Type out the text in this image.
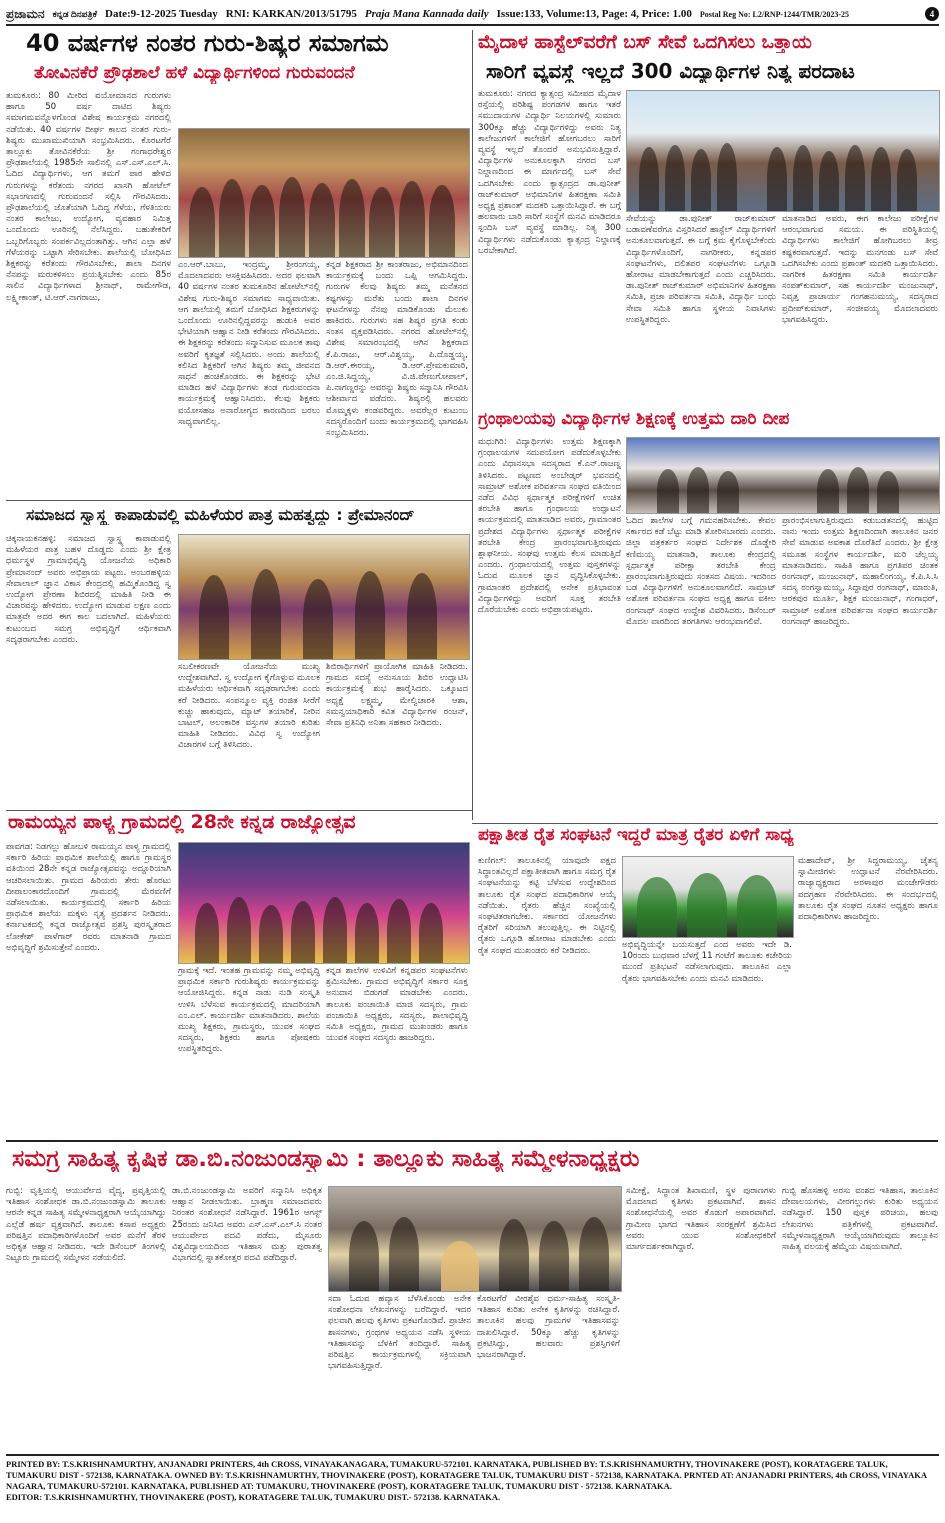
ಪ್ರಜಾಮನ ಕನ್ನಡ ದಿನಪತ್ರಿಕೆ Date:9-12-2025 Tuesday RNI: KARKAN/2013/51795 Praja Mana Kannada daily Issue:133, Volume:13, Page: 4, Price: 1.00 Postal Reg No: L2/RNP-1244/TMR/2023-25	4
40 ವರ್ಷಗಳ ನಂತರ ಗುರು-ಶಿಷ್ಯರ ಸಮಾಗಮ
ತೋವಿನಕೆರೆ ಪ್ರೌಢಶಾಲೆ ಹಳೆ ವಿದ್ಯಾರ್ಥಿಗಳಿಂದ ಗುರುವಂದನೆ
ತುಮಕೂರು: 80 ಮೀರಿದ ವಯೋಮಾನದ ಗುರುಗಳು ಹಾಗೂ 50 ವರ್ಷ ದಾಟಿದ ಶಿಷ್ಯರು ಸಮಾಗಮವನ್ನೊಳಗೊಂಡ ವಿಶೇಷ ಕಾರ್ಯಕ್ರಮ ನಗರದಲ್ಲಿ ನಡೆಯಿತು. 40 ವರ್ಷಗಳ ದೀರ್ಘ ಕಾಲದ ನಂತರ ಗುರು-ಶಿಷ್ಯರು ಮುಖಾಮುಖಿಯಾಗಿ ಸಂಭ್ರಮಿಸಿದರು. ಕೊರಟಗೆರೆ ತಾಲ್ಲೂಕು ತೋವಿನಕೆರೆಯ ಶ್ರೀ ಗಂಗಾಧರೇಶ್ವರ ಪ್ರೌಢಶಾಲೆಯಲ್ಲಿ 1985ನೇ ಸಾಲಿನಲ್ಲಿ ಎಸ್.ಎಸ್.ಎಲ್.ಸಿ. ಓದಿದ ವಿದ್ಯಾರ್ಥಿಗಳು, ಆಗ ತಮಗೆ ಪಾಠ ಹೇಳಿದ ಗುರುಗಳನ್ನು ಕರೆತಂದು ನಗರದ ಖಾಸಗಿ ಹೋಟೆಲ್ ಸಭಾಂಗಣದಲ್ಲಿ ಗುರುವಂದನೆ ಸಲ್ಲಿಸಿ ಗೌರವಿಸಿದರು. ಪ್ರೌಢಶಾಲೆಯಲ್ಲಿ ಜೊತೆಯಾಗಿ ಓದಿದ್ದ ಗೆಳೆಯ, ಗೆಳತಿಯರು ನಂತರ ಕಾಲೇಜು, ಉದ್ಯೋಗ, ವ್ಯವಹಾರ ನಿಮಿತ್ತ ಒಂದೊಂದು ಊರಿನಲ್ಲಿ ನೆಲೆಸಿದ್ದರು. ಬಹುತೇಕರಿಗೆ ಒಬ್ಬರಿಗೊಬ್ಬರು ಸಂಪರ್ಕವಿಲ್ಲದಂತಾಗಿತ್ತು. ಆಗಿನ ಎಲ್ಲಾ ಹಳೆ ಗೆಳೆಯರನ್ನು ಒಟ್ಟಾಗಿ ಸೇರಿಸಬೇಕು. ಶಾಲೆಯಲ್ಲಿ ಬೋಧಿಸಿದ ಶಿಕ್ಷಕರನ್ನು ಕರೆತಂದು ಗೌರವಿಸಬೇಕು, ಶಾಲಾ ದಿನಗಳ ನೆನಪನ್ನು ಮರುಕಳಿಸಲು ಪ್ರಯತ್ನಿಸಬೇಕು ಎಂದು 85ರ ಸಾಲಿನ ವಿದ್ಯಾರ್ಥಿಗಳಾದ ಶ್ರೀನಾಥ್, ರಾಮೇಗೌಡ, ಲಕ್ಷ್ಮೀಕಾಂತ್, ಟಿ.ಆರ್.ನಾಗರಾಜು,
ಎಂ.ಆರ್.ಬಾಬು, ಇಂದ್ರಮ್ಮ, ಶ್ರೀರಂಗಯ್ಯ, ಮೊದಲಾದವರು ಆಸಕ್ತಿವಹಿಸಿದರು. ಅದರ ಫಲವಾಗಿ 40 ವರ್ಷಗಳ ನಂತರ ತುಮಕೂರಿನ ಹೋಟೆಲ್‌ನಲ್ಲಿ ವಿಶೇಷ ಗುರು-ಶಿಷ್ಯರ ಸಮಾಗಮ ಸಾಧ್ಯವಾಯಿತು. ಆಗ ಶಾಲೆಯಲ್ಲಿ ತಮಗೆ ಬೋಧಿಸಿದ ಶಿಕ್ಷಕರುಗಳನ್ನು ಒಂದೊಂದು ಊರಿನಲ್ಲಿದ್ದವರನ್ನು ಹುಡುಕಿ ಅವರ ಭೇಟಿಯಾಗಿ ಆಹ್ವಾನ ನೀಡಿ ಕರೆತಂದು ಗೌರವಿಸಿದರು. ಈ ಶಿಕ್ಷಕರನ್ನು ಕರೆತಂದು ಸನ್ಮಾನಿಸುವ ಮೂಲಕ ತಾವು ಅವರಿಗೆ ಕೃತಜ್ಞತೆ ಸಲ್ಲಿಸಿದರು. ಅಂದು ಶಾಲೆಯಲ್ಲಿ ಕಲಿಸಿದ ಶಿಕ್ಷಕರಿಗೆ ಆಗಿನ ಶಿಷ್ಯರು ತಮ್ಮ ಜೀವನದ ಸಾಧನೆ ಹಂಚಿಕೊಂಡರು. ಈ ಶಿಕ್ಷಕರನ್ನು ಭೇಟಿ ಮಾಡಿದ ಹಳೆ ವಿದ್ಯಾರ್ಥಿಗಳು ತಂಡ ಗುರುವಂದನಾ ಕಾರ್ಯಕ್ರಮಕ್ಕೆ ಆಹ್ವಾನಿಸಿದರು. ಕೆಲವು ಶಿಕ್ಷಕರು ವಯೋಸಹಜ ಅನಾರೋಗ್ಯದ ಕಾರಣದಿಂದ ಬರಲು ಸಾಧ್ಯವಾಗಲಿಲ್ಲ.
ಕನ್ನಡ ಶಿಕ್ಷಕರಾದ ಶ್ರೀ ಕಾಂತರಾಜು, ಅಭಿಮಾನದಿಂದ ಕಾರ್ಯಕ್ರಮಕ್ಕೆ ಬಂದು ಒಪ್ಪಿ ಆಗಮಿಸಿದ್ದರು. ಗುರುಗಳ ಕೆಲವು ಶಿಷ್ಯರು ತಮ್ಮ ಮನೆತನದ ಕಷ್ಟಗಳನ್ನು ಮರೆತು ಬಂದು ಶಾಲಾ ದಿನಗಳ ಘಟನೆಗಳನ್ನು ನೆನಪು ಮಾಡಿಕೊಂಡು ಮೆಲುಕು ಹಾಕಿದರು. ಗುರುಗಳು ಸಹ ಶಿಷ್ಯರ ಪ್ರಗತಿ ಕಂಡು ಸಂತಸ ವ್ಯಕ್ತಪಡಿಸಿದರು. ನಗರದ ಹೋಟೆಲ್‌ನಲ್ಲಿ ವಿಶೇಷ ಸಮಾರಂಭದಲ್ಲಿ ಆಗಿನ ಶಿಕ್ಷಕರಾದ ಕೆ.ಪಿ.ರಾಜು, ಆರ್.ವಿಶ್ವಯ್ಯ, ಪಿ.ದೊಡ್ಡಯ್ಯ, ಡಿ.ಆರ್.ಈರಯ್ಯ, ಡಿ.ಆರ್.ಪ್ರೇಮಕುಮಾರಿ, ಎಂ.ಜಿ.ಸಿದ್ದಯ್ಯ, ವಿ.ಜಿ.ವೇಣುಗೋಪಾಲ್, ಪಿ.ನಾಗಣ್ಣರನ್ನು ಅವರನ್ನು ಶಿಷ್ಯರು ಸನ್ಮಾನಿಸಿ ಗೌರವಿಸಿ ಆಶೀರ್ವಾದ ಪಡೆದರು. ಶಿಷ್ಯರಲ್ಲಿ ಹಲವರು ಮೊಮ್ಮಕ್ಕಳು ಕಂಡವರಿದ್ದರು. ಅವರೆಲ್ಲರ ಕುಟುಂಬ ಸದಸ್ಯರೊಂದಿಗೆ ಬಂದು ಕಾರ್ಯಕ್ರಮದಲ್ಲಿ ಭಾಗವಹಿಸಿ ಸಂಭ್ರಮಿಸಿದರು.
ಮೈದಾಳ ಹಾಸ್ಟೆಲ್‌ವರೆಗೆ ಬಸ್ ಸೇವೆ ಒದಗಿಸಲು ಒತ್ತಾಯ
ಸಾರಿಗೆ ವ್ಯವಸ್ಥೆ ಇಲ್ಲದೆ 300 ವಿದ್ಯಾರ್ಥಿಗಳ ನಿತ್ಯ ಪರದಾಟ
ತುಮಕೂರು: ನಗರದ ಕ್ಯಾತ್ಸಂದ್ರ ಸಮೀಪದ ಮೈದಾಳ ರಸ್ತೆಯಲ್ಲಿ ಪರಿಶಿಷ್ಟ ಪಂಗಡಗಳ ಹಾಗೂ ಇತರೆ ಸಮುದಾಯಗಳ ವಿದ್ಯಾರ್ಥಿ ನಿಲಯಗಳಲ್ಲಿ ಸುಮಾರು 300ಕ್ಕೂ ಹೆಚ್ಚು ವಿದ್ಯಾರ್ಥಿಗಳಿದ್ದು ಅವರು ನಿತ್ಯ ಕಾಲೇಜುಗಳಿಗೆ ಕಾಲೇಜಿಗೆ ಹೋಗಬರಲು ಸಾರಿಗೆ ವ್ಯವಸ್ಥೆ ಇಲ್ಲದೆ ತೊಂದರೆ ಅನುಭವಿಸುತ್ತಿದ್ದಾರೆ. ವಿದ್ಯಾರ್ಥಿಗಳ ಅನುಕೂಲಕ್ಕಾಗಿ ನಗರದ ಬಸ್ ನಿಲ್ದಾಣದಿಂದ ಈ ಮಾರ್ಗದಲ್ಲಿ ಬಸ್ ಸೇವೆ ಒದಗಿಸಬೇಕು ಎಂದು ಕ್ಯಾತ್ಸಂದ್ರದ ಡಾ.ಪುನೀತ್ ರಾಜ್‌ಕುಮಾರ್ ಅಭಿಮಾನಿಗಳ ಹಿತರಕ್ಷಣಾ ಸಮಿತಿ ಅಧ್ಯಕ್ಷ ಪ್ರಶಾಂತ್ ಮದಕರಿ ಒತ್ತಾಯಿಸಿದ್ದಾರೆ. ಈ ಬಗ್ಗೆ ಹಲವಾರು ಬಾರಿ ಸಾರಿಗೆ ಸಂಸ್ಥೆಗೆ ಮನವಿ ಮಾಡಿದರೂ ಸ್ಪಂದಿಸಿ ಬಸ್ ವ್ಯವಸ್ಥೆ ಮಾಡಿಲ್ಲ. ನಿತ್ಯ 300 ವಿದ್ಯಾರ್ಥಿಗಳು ನಡೆದುಕೊಂಡು ಕ್ಯಾತ್ಸಂದ್ರ ನಿಲ್ದಾಣಕ್ಕೆ ಬರಬೇಕಾಗಿದೆ.
ಸೇವೆಯನ್ನು ಡಾ.ಪುನೀತ್ ರಾಜ್‌ಕುಮಾರ್ ಬಡಾವಣೆವರೆಗೂ ವಿಸ್ತರಿಸಿದರೆ ಹಾಸ್ಟೆಲ್ ವಿದ್ಯಾರ್ಥಿಗಳಿಗೆ ಅನುಕೂಲವಾಗುತ್ತದೆ. ಈ ಬಗ್ಗೆ ಕ್ರಮ ಕೈಗೊಳ್ಳಬೇಕೆಂದು ವಿದ್ಯಾರ್ಥಿಗಳೊಂದಿಗೆ, ನಾಗರೀಕರು, ಕನ್ನಡಪರ ಸಂಘಟನೆಗಳು, ದಲಿತಪರ ಸಂಘಟನೆಗಳು ಒಗ್ಗೂಡಿ ಹೋರಾಟ ಮಾಡಬೇಕಾಗುತ್ತದೆ ಎಂದು ಎಚ್ಚರಿಸಿದರು. ಡಾ.ಪುನೀತ್ ರಾಜ್‌ಕುಮಾರ್ ಅಭಿಮಾನಿಗಳ ಹಿತರಕ್ಷಣಾ ಸಮಿತಿ, ಪ್ರಜಾ ಪರಿವರ್ತನಾ ಸಮಿತಿ, ವಿದ್ಯಾರ್ಥಿ ಬಂಧು ಸೇವಾ ಸಮಿತಿ ಹಾಗೂ ಸ್ಥಳೀಯ ನಿವಾಸಿಗಳು ಉಪಸ್ಥಿತರಿದ್ದರು.
ಮಾತನಾಡಿದ ಅವರು, ಈಗ ಕಾಲೇಜು ಪರೀಕ್ಷೆಗಳ ಆರಂಭವಾಗುವ ಸಮಯ. ಈ ಪರಿಸ್ಥಿತಿಯಲ್ಲಿ ವಿದ್ಯಾರ್ಥಿಗಳು ಕಾಲೇಜಿಗೆ ಹೋಗಿಬರಲು ತೀವ್ರ ಕಷ್ಟಕರವಾಗುತ್ತದೆ. ಇದನ್ನು ಮನಗಂಡು ಬಸ್ ಸೇವೆ ಒದಗಿಸಬೇಕು ಎಂದು ಪ್ರಶಾಂತ್ ಮದಕರಿ ಒತ್ತಾಯಿಸಿದರು. ನಾಗರೀಕ ಹಿತರಕ್ಷಣಾ ಸಮಿತಿ ಕಾರ್ಯದರ್ಶಿ ಸಂಪತ್‌ಕುಮಾರ್, ಸಹ ಕಾರ್ಯದರ್ಶಿ ಮಂಜುನಾಥ್, ನಿವೃತ್ತ ಪ್ರಾಚಾರ್ಯ ಗಂಗಹನುಮಯ್ಯ, ಸದಸ್ಯರಾದ ಪ್ರದೀಪ್‌ಕುಮಾರ್, ಸಂಜೀವಯ್ಯ ಮೊದಲಾದವರು ಭಾಗವಹಿಸಿದ್ದರು.
ಗ್ರಂಥಾಲಯವು ವಿದ್ಯಾರ್ಥಿಗಳ ಶಿಕ್ಷಣಕ್ಕೆ ಉತ್ತಮ ದಾರಿ ದೀಪ
ಮಧುಗಿರಿ: ವಿದ್ಯಾರ್ಥಿಗಳು ಉತ್ತಮ ಶಿಕ್ಷಣಕ್ಕಾಗಿ ಗ್ರಂಥಾಲಯಗಳ ಸದುಪಯೋಗ ಪಡೆದುಕೊಳ್ಳಬೇಕು ಎಂದು ವಿಧಾನಸಭಾ ಸದಸ್ಯರಾದ ಕೆ.ಎನ್.ರಾಜಣ್ಣ ತಿಳಿಸಿದರು. ಪಟ್ಟಣದ ಅಂಬೇಡ್ಕರ್ ಭವನದಲ್ಲಿ ಸಾಮ್ರಾಟ್ ಅಶೋಕ ಪರಿವರ್ತನಾ ಸಂಘದ ವತಿಯಿಂದ ನಡೆದ ವಿವಿಧ ಸ್ಪರ್ಧಾತ್ಮಕ ಪರೀಕ್ಷೆಗಳಿಗೆ ಉಚಿತ ತರಬೇತಿ ಹಾಗೂ ಗ್ರಂಥಾಲಯ ಉದ್ಘಾಟನೆ ಕಾರ್ಯಕ್ರಮದಲ್ಲಿ ಮಾತನಾಡಿದ ಅವರು, ಗ್ರಾಮಾಂತರ ಪ್ರದೇಶದ ವಿದ್ಯಾರ್ಥಿಗಳು ಸ್ಪರ್ಧಾತ್ಮಕ ಪರೀಕ್ಷೆಗಳ ತರಬೇತಿ ಕೇಂದ್ರ ಪ್ರಾರಂಭವಾಗುತ್ತಿರುವುದು ಶ್ಲಾಘನೀಯ. ಸಂಘವು ಉತ್ತಮ ಕೆಲಸ ಮಾಡುತ್ತಿದೆ ಎಂದರು. ಗ್ರಂಥಾಲಯದಲ್ಲಿ ಉತ್ತಮ ಪುಸ್ತಕಗಳನ್ನು ಓದುವ ಮೂಲಕ ಜ್ಞಾನ ವೃದ್ಧಿಸಿಕೊಳ್ಳಬೇಕು. ಗ್ರಾಮಾಂತರ ಪ್ರದೇಶದಲ್ಲಿ ಅನೇಕ ಪ್ರತಿಭಾವಂತ ವಿದ್ಯಾರ್ಥಿಗಳಿದ್ದು ಅವರಿಗೆ ಸೂಕ್ತ ತರಬೇತಿ ದೊರೆಯಬೇಕು ಎಂದು ಅಭಿಪ್ರಾಯಪಟ್ಟರು.
ಓದಿದ ಶಾಲೆಗಳ ಬಗ್ಗೆ ಗಮನಹರಿಸಬೇಕು. ಕೇವಲ ಸರ್ಕಾರದ ಕಡೆ ಬೆಟ್ಟು ಮಾಡಿ ತೋರಿಸಬಾರದು ಎಂದರು. ಜಿಲ್ಲಾ ಪತ್ರಕರ್ತರ ಸಂಘದ ನಿರ್ದೇಶಕ ದೊಡ್ಡೇರಿ ಕಣಿಮಯ್ಯ ಮಾತನಾಡಿ, ತಾಲೂಕು ಕೇಂದ್ರದಲ್ಲಿ ಸ್ಪರ್ಧಾತ್ಮಕ ಪರೀಕ್ಷಾ ತರಬೇತಿ ಕೇಂದ್ರ ಪ್ರಾರಂಭವಾಗುತ್ತಿರುವುದು ಸಂತಸದ ವಿಷಯ. ಇದರಿಂದ ಬಡ ವಿದ್ಯಾರ್ಥಿಗಳಿಗೆ ಅನುಕೂಲವಾಗಲಿದೆ. ಸಾಮ್ರಾಟ್ ಅಶೋಕ ಪರಿವರ್ತನಾ ಸಂಘದ ಅಧ್ಯಕ್ಷ ಹಾಗೂ ವಕೀಲ ರಂಗನಾಥ್ ಸಂಘದ ಉದ್ದೇಶ ವಿವರಿಸಿದರು. ಡಿಸೆಂಬರ್ ಮೊದಲ ವಾರದಿಂದ ತರಗತಿಗಳು ಆರಂಭವಾಗಲಿವೆ.
ಪ್ರಾರಂಭಿಸಲಾಗುತ್ತಿರುವುದು ಕಡುಬಡತನದಲ್ಲಿ ಹುಟ್ಟಿದ ನಾನು ಇಂದು ಉತ್ತಮ ಶಿಕ್ಷಣದಿಂದಾಗಿ ತಾಲೂಕಿನ ಜನರ ಸೇವೆ ಮಾಡುವ ಅವಕಾಶ ದೊರೆತಿದೆ ಎಂದರು. ಶ್ರೀ ಕ್ಷೇತ್ರ ಸಮೂಹ ಸಂಸ್ಥೆಗಳ ಕಾರ್ಯದರ್ಶಿ, ಮರಿ ಚೆಲ್ಲಯ್ಯ ಮಾತನಾಡಿದರು. ಸಾಹಿತಿ ಹಾಗೂ ಪ್ರಗತಿಪರ ಚಿಂತಕ ರಂಗನಾಥ್, ಮಂಜುನಾಥ್, ಮಹಾಲಿಂಗಯ್ಯ, ಕೆ.ಪಿ.ಸಿ.ಸಿ ಸದಸ್ಯ ರಂಗಸ್ವಾಮಯ್ಯ, ಸಿದ್ದಾಪುರ ರಂಗನಾಥ್, ಮಾರುತಿ, ಆರಕಪುರ ಮೂರ್ತಿ, ಶಿಕ್ಷಕ ಮಂಜುನಾಥ್, ಗಂಗಾಧರ್, ಸಾಮ್ರಾಟ್ ಅಶೋಕ ಪರಿವರ್ತನಾ ಸಂಘದ ಕಾರ್ಯದರ್ಶಿ ರಂಗನಾಥ್ ಹಾಜರಿದ್ದರು.
ಸಮಾಜದ ಸ್ವಾಸ್ಥ್ಯ ಕಾಪಾಡುವಲ್ಲಿ ಮಹಿಳೆಯರ ಪಾತ್ರ ಮಹತ್ವದ್ದು : ಪ್ರೇಮಾನಂದ್
ಚಿಕ್ಕನಾಯಕನಹಳ್ಳಿ: ಸಮಾಜದ ಸ್ವಾಸ್ಥ್ಯ ಕಾಪಾಡುವಲ್ಲಿ ಮಹಿಳೆಯರ ಪಾತ್ರ ಬಹಳ ದೊಡ್ಡದು ಎಂದು ಶ್ರೀ ಕ್ಷೇತ್ರ ಧರ್ಮಸ್ಥಳ ಗ್ರಾಮಾಭಿವೃದ್ಧಿ ಯೋಜನೆಯ ಅಧಿಕಾರಿ ಪ್ರೇಮಾನಂದ್ ಅವರು ಅಭಿಪ್ರಾಯ ಪಟ್ಟರು. ಅಂಬರಹಳ್ಳಿಯ ಸೇವಾಲಾಲ್ ಜ್ಞಾನ ವಿಕಾಸ ಕೇಂದ್ರದಲ್ಲಿ ಹಮ್ಮಿಕೊಂಡಿದ್ದ ಸ್ವ ಉದ್ಯೋಗ ಪ್ರೇರಣಾ ಶಿಬಿರದಲ್ಲಿ ಮಾಹಿತಿ ನೀಡಿ ಈ ವಿಚಾರವನ್ನು ಹೇಳಿದರು. ಉದ್ಯೋಗ ಮಾಡುವ ಲಕ್ಷಣ ಎಂದು ಮಾತ್ರವೇ ಅದರ ಈಗ ಕಾಲ ಬದಲಾಗಿದೆ. ಮಹಿಳೆಯರು ಕುಟುಂಬದ ಸಮಗ್ರ ಅಭಿವೃದ್ಧಿಗೆ ಆರ್ಥಿಕವಾಗಿ ಸದೃಢರಾಗಬೇಕು ಎಂದರು.
ಸಬಲೀಕರಣವೇ ಯೋಜನೆಯ ಮುಖ್ಯ ಉದ್ದೇಶವಾಗಿದೆ. ಸ್ವ ಉದ್ಯೋಗ ಕೈಗೊಳ್ಳುವ ಮೂಲಕ ಮಹಿಳೆಯರು ಆರ್ಥಿಕವಾಗಿ ಸದೃಢರಾಗಬೇಕು ಎಂದು ಕರೆ ನೀಡಿದರು. ಸಂಪನ್ಮೂಲ ವ್ಯಕ್ತಿ ರಂಜಿತ ಸೀರೆಗೆ ಕುಚ್ಚು ಹಾಕುವುದು, ಮ್ಯಾಟ್ ತಯಾರಿಕೆ, ನೀರಿನ ಬಾಟಲ್, ಅಲಂಕಾರಿಕ ವಸ್ತುಗಳ ತಯಾರಿ ಕುರಿತು ಮಾಹಿತಿ ನೀಡಿದರು. ವಿವಿಧ ಸ್ವ ಉದ್ಯೋಗ ವಿಚಾರಗಳ ಬಗ್ಗೆ ತಿಳಿಸಿದರು.
ಶಿಬಿರಾರ್ಥಿಗಳಿಗೆ ಪ್ರಾಯೋಗಿಕ ಮಾಹಿತಿ ನೀಡಿದರು. ಗ್ರಾಮದ ಸದಸ್ಯೆ ಅನುಸೂಯ ಶಿಬಿರ ಉದ್ಘಾಟಿಸಿ ಕಾರ್ಯಕ್ರಮಕ್ಕೆ ಶುಭ ಹಾರೈಸಿದರು. ಒಕ್ಕೂಟದ ಅಧ್ಯಕ್ಷೆ ಲಕ್ಷ್ಮಮ್ಮ, ಮೇಲ್ವಿಚಾರಕಿ ಆಶಾ, ಸಮನ್ವಯಾಧಿಕಾರಿ ಕವಿತ ವಿದ್ಯಾರ್ಥಿಗಳ ರಂಜನ್, ಸೇವಾ ಪ್ರತಿನಿಧಿ ಅನಿತಾ ಸಹಕಾರ ನೀಡಿದರು.
ರಾಮಯ್ಯನ ಪಾಳ್ಯ ಗ್ರಾಮದಲ್ಲಿ 28ನೇ ಕನ್ನಡ ರಾಜ್ಯೋತ್ಸವ
ಪಾವಗಡ: ನಿಡಗಲ್ಲು ಹೋಬಳಿ ರಾಮಯ್ಯನ ಪಾಳ್ಯ ಗ್ರಾಮದಲ್ಲಿ ಸರ್ಕಾರಿ ಹಿರಿಯ ಪ್ರಾಥಮಿಕ ಶಾಲೆಯಲ್ಲಿ ಹಾಗೂ ಗ್ರಾಮಸ್ಥರ ವತಿಯಿಂದ 28ನೇ ಕನ್ನಡ ರಾಜ್ಯೋತ್ಸವವನ್ನು ಅದ್ದೂರಿಯಾಗಿ ಆಚರಿಸಲಾಯಿತು. ಗ್ರಾಮದ ಹಿರಿಯರು ತೇರು ಹೊರಟು ದೀಪಾಲಂಕಾರದೊಂದಿಗೆ ಗ್ರಾಮದಲ್ಲಿ ಮೆರವಣಿಗೆ ನಡೆಸಲಾಯಿತು. ಕಾರ್ಯಕ್ರಮದಲ್ಲಿ ಸರ್ಕಾರಿ ಹಿರಿಯ ಪ್ರಾಥಮಿಕ ಶಾಲೆಯ ಮಕ್ಕಳು ನೃತ್ಯ ಪ್ರದರ್ಶನ ನೀಡಿದರು. ಕರ್ನಾಟಕದಲ್ಲಿ ಕನ್ನಡ ರಾಜ್ಯೋತ್ಸವ ಪ್ರಶಸ್ತಿ ಪುರಸ್ಕೃತರಾದ ಲೋಕೇಶ್ ಪಾಳೆಗಾರ್ ರವರು ಮಾತನಾಡಿ ಗ್ರಾಮದ ಅಭಿವೃದ್ಧಿಗೆ ಶ್ರಮಿಸುತ್ತೇನೆ ಎಂದರು.
ಗ್ರಾಮಕ್ಕೆ ಇದೆ. ಇಂತಹ ಗ್ರಾಮವನ್ನು ನಮ್ಮ ಅಭಿವೃದ್ಧಿ ಪ್ರಾಥಮಿಕ ಸರ್ಕಾರಿ ಗುರುಶಿಷ್ಯರು ಕಾರ್ಯಕ್ರಮವನ್ನು ಆಯೋಜಿಸಿದ್ದರು. ಕನ್ನಡ ನಾಡು ನುಡಿ ಸಂಸ್ಕೃತಿ ಉಳಿಸಿ ಬೆಳೆಸುವ ಕಾರ್ಯಕ್ರಮದಲ್ಲಿ ಮಾದರಿಯಾಗಿ ಎಂ.ಎಲ್. ಕಾರ್ಯದರ್ಶಿ ಮಾತನಾಡಿದರು. ಶಾಲೆಯ ಮುಖ್ಯ ಶಿಕ್ಷಕರು, ಗ್ರಾಮಸ್ಥರು, ಯುವಕ ಸಂಘದ ಸದಸ್ಯರು, ಶಿಕ್ಷಕರು ಹಾಗೂ ಪೋಷಕರು ಉಪಸ್ಥಿತರಿದ್ದರು.
ಕನ್ನಡ ಶಾಲೆಗಳ ಉಳಿವಿಗೆ ಕನ್ನಡಪರ ಸಂಘಟನೆಗಳು ಶ್ರಮಿಸಬೇಕು. ಗ್ರಾಮದ ಅಭಿವೃದ್ಧಿಗೆ ಸರ್ಕಾರ ಸೂಕ್ತ ಅನುದಾನ ಬಿಡುಗಡೆ ಮಾಡಬೇಕು ಎಂದರು. ತಾಲೂಕು ಪಂಚಾಯಿತಿ ಮಾಜಿ ಸದಸ್ಯರು, ಗ್ರಾಮ ಪಂಚಾಯಿತಿ ಅಧ್ಯಕ್ಷರು, ಸದಸ್ಯರು, ಶಾಲಾಭಿವೃದ್ಧಿ ಸಮಿತಿ ಅಧ್ಯಕ್ಷರು, ಗ್ರಾಮದ ಮುಖಂಡರು ಹಾಗೂ ಯುವಕ ಸಂಘದ ಸದಸ್ಯರು ಹಾಜರಿದ್ದರು.
ಪಕ್ಷಾತೀತ ರೈತ ಸಂಘಟನೆ ಇದ್ದರೆ ಮಾತ್ರ ರೈತರ ಏಳಿಗೆ ಸಾಧ್ಯ
ಕುಣಿಗಲ್: ತಾಲೂಕಿನಲ್ಲಿ ಯಾವುದೇ ಪಕ್ಷದ ಸಿದ್ಧಾಂತವಿಲ್ಲದೆ ಪಕ್ಷಾತೀತವಾಗಿ ಹಾಗೂ ಸಮಗ್ರ ರೈತ ಸಂಘಟನೆಯನ್ನು ಕಟ್ಟಿ ಬೆಳೆಸುವ ಉದ್ದೇಶದಿಂದ ತಾಲೂಕು ರೈತ ಸಂಘದ ಪದಾಧಿಕಾರಿಗಳ ಆಯ್ಕೆ ನಡೆಯಿತು. ರೈತರು ಹೆಚ್ಚಿನ ಸಂಖ್ಯೆಯಲ್ಲಿ ಸಂಘಟಿತರಾಗಬೇಕು. ಸರ್ಕಾರದ ಯೋಜನೆಗಳು ರೈತರಿಗೆ ಸರಿಯಾಗಿ ತಲುಪುತ್ತಿಲ್ಲ. ಈ ನಿಟ್ಟಿನಲ್ಲಿ ರೈತರು ಒಗ್ಗೂಡಿ ಹೋರಾಟ ಮಾಡಬೇಕು ಎಂದು ರೈತ ಸಂಘದ ಮುಖಂಡರು ಕರೆ ನೀಡಿದರು.
ಅಭಿವೃದ್ಧಿಯನ್ನೇ ಬಯಸುತ್ತದೆ ಎಂದ ಅವರು ಇದೇ ಡಿ. 10ರಂದು ಬುಧವಾರ ಬೆಳಗ್ಗೆ 11 ಗಂಟೆಗೆ ತಾಲೂಕು ಕಚೇರಿಯ ಮುಂದೆ ಪ್ರತಿಭಟನೆ ನಡೆಸಲಾಗುವುದು. ತಾಲೂಕಿನ ಎಲ್ಲಾ ರೈತರು ಭಾಗವಹಿಸಬೇಕು ಎಂದು ಮನವಿ ಮಾಡಿದರು.
ಮಹಾದೇವ್, ಶ್ರೀ ಸಿದ್ದರಾಮಯ್ಯ, ಚೈತನ್ಯ ಸ್ವಾಮೀಜಿಗಳು ಉದ್ಘಾಟನೆ ನೆರವೇರಿಸಿದರು. ರಾಜ್ಯಾಧ್ಯಕ್ಷರಾದ ಅರಳಾಪುರ ಮಂಜೇಗೌಡರು ಪದಗ್ರಹಣ ನೆರವೇರಿಸಿದರು. ಈ ಸಂದರ್ಭದಲ್ಲಿ ತಾಲೂಕು ರೈತ ಸಂಘದ ನೂತನ ಅಧ್ಯಕ್ಷರು ಹಾಗೂ ಪದಾಧಿಕಾರಿಗಳು ಹಾಜರಿದ್ದರು.
ಸಮಗ್ರ ಸಾಹಿತ್ಯ ಕೃಷಿಕ ಡಾ.ಬಿ.ನಂಜುಂಡಸ್ವಾಮಿ : ತಾಲ್ಲೂಕು ಸಾಹಿತ್ಯ ಸಮ್ಮೇಳನಾಧ್ಯಕ್ಷರು
ಗುಬ್ಬಿ: ವೃತ್ತಿಯಲ್ಲಿ ಆಯುರ್ವೇದ ವೈದ್ಯ, ಪ್ರವೃತ್ತಿಯಲ್ಲಿ ಇತಿಹಾಸ ಸಂಶೋಧಕ ಡಾ.ಬಿ.ನಂಜುಂಡಸ್ವಾಮಿ ತಾಲೂಕು ಆರನೇ ಕನ್ನಡ ಸಾಹಿತ್ಯ ಸಮ್ಮೇಳನಾಧ್ಯಕ್ಷರಾಗಿ ಆಯ್ಕೆಯಾಗಿದ್ದು ಎಲ್ಲೆಡೆ ಹರ್ಷ ವ್ಯಕ್ತವಾಗಿದೆ. ತಾಲೂಕು ಕಸಾಪ ಅಧ್ಯಕ್ಷರು ಪರಿಷತ್ತಿನ ಪದಾಧಿಕಾರಿಗಳೊಂದಿಗೆ ಅವರ ಮನೆಗೆ ತೆರಳಿ ಅಧಿಕೃತ ಆಹ್ವಾನ ನೀಡಿದರು. ಇದೇ ಡಿಸೆಂಬರ್ ತಿಂಗಳಲ್ಲಿ ನಿಟ್ಟೂರು ಗ್ರಾಮದಲ್ಲಿ ಸಮ್ಮೇಳನ ನಡೆಯಲಿದೆ.
ಡಾ.ಬಿ.ನಂಜುಂಡಸ್ವಾಮಿ ಅವರಿಗೆ ಸನ್ಮಾನಿಸಿ ಅಧಿಕೃತ ಆಹ್ವಾನ ನೀಡಲಾಯಿತು. ಬ್ರಾಹ್ಮಣ ಸಮಾಜದವರು ನಿರಂತರ ಸಂಶೋಧನೆ ನಡೆಸಿದ್ದಾರೆ. 1961ರ ಆಗಸ್ಟ್ 25ರಂದು ಜನಿಸಿದ ಅವರು ಎಸ್.ಎಸ್.ಎಲ್.ಸಿ ನಂತರ ಆಯುರ್ವೇದ ಪದವಿ ಪಡೆದು, ಮೈಸೂರು ವಿಶ್ವವಿದ್ಯಾಲಯದಿಂದ ಇತಿಹಾಸ ಮತ್ತು ಪುರಾತತ್ವ ವಿಭಾಗದಲ್ಲಿ ಸ್ನಾತಕೋತ್ತರ ಪದವಿ ಪಡೆದಿದ್ದಾರೆ.
ಸದಾ ಓದುವ ಹವ್ಯಾಸ ಬೆಳೆಸಿಕೊಂಡು ಅನೇಕ ಸಂಶೋಧನಾ ಲೇಖನಗಳನ್ನು ಬರೆದಿದ್ದಾರೆ. ಇದರ ಫಲವಾಗಿ ಹಲವು ಕೃತಿಗಳು ಪ್ರಕಟಗೊಂಡಿವೆ. ಪ್ರಾಚೀನ ಶಾಸನಗಳು, ಗ್ರಂಥಗಳ ಅಧ್ಯಯನ ನಡೆಸಿ ಸ್ಥಳೀಯ ಇತಿಹಾಸವನ್ನು ಬೆಳಕಿಗೆ ತಂದಿದ್ದಾರೆ. ಸಾಹಿತ್ಯ ಪರಿಷತ್ತಿನ ಕಾರ್ಯಕ್ರಮಗಳಲ್ಲಿ ಸಕ್ರಿಯವಾಗಿ ಭಾಗವಹಿಸುತ್ತಿದ್ದಾರೆ.
ಕೊರಟಗೆರೆ ವೀರಶೈವ ಧರ್ಮ-ಸಾಹಿತ್ಯ ಸಂಸ್ಕೃತಿ-ಇತಿಹಾಸ ಕುರಿತು ಅನೇಕ ಕೃತಿಗಳನ್ನು ರಚಿಸಿದ್ದಾರೆ. ತಾಲೂಕಿನ ಹಲವು ಗ್ರಾಮಗಳ ಇತಿಹಾಸವನ್ನು ದಾಖಲಿಸಿದ್ದಾರೆ. 50ಕ್ಕೂ ಹೆಚ್ಚು ಕೃತಿಗಳನ್ನು ಪ್ರಕಟಿಸಿದ್ದು, ಹಲವಾರು ಪ್ರಶಸ್ತಿಗಳಿಗೆ ಭಾಜನರಾಗಿದ್ದಾರೆ.
ಸಮೀಕ್ಷೆ, ಸಿದ್ಧಾಂತ ಶಿಖಾಮಣಿ, ಸ್ಥಳ ಪುರಾಣಗಳು ಮೊದಲಾದ ಕೃತಿಗಳು ಪ್ರಕಟವಾಗಿವೆ. ಶಾಸನ ಸಂಶೋಧನೆಯಲ್ಲಿ ಅವರ ಕೊಡುಗೆ ಅಪಾರವಾಗಿದೆ. ಗ್ರಾಮೀಣ ಭಾಗದ ಇತಿಹಾಸ ಸಂರಕ್ಷಣೆಗೆ ಶ್ರಮಿಸಿದ ಅವರು ಯುವ ಸಂಶೋಧಕರಿಗೆ ಮಾರ್ಗದರ್ಶಕರಾಗಿದ್ದಾರೆ.
ಗುಬ್ಬಿ ಹೊಸಹಳ್ಳಿ ಅರಸು ವಂಶದ ಇತಿಹಾಸ, ತಾಲೂಕಿನ ದೇವಾಲಯಗಳು, ವೀರಗಲ್ಲುಗಳು ಕುರಿತು ಅಧ್ಯಯನ ನಡೆಸಿದ್ದಾರೆ. 150 ಪುಸ್ತಕ ಪರಿಚಯ, ಹಲವು ಲೇಖನಗಳು ಪತ್ರಿಕೆಗಳಲ್ಲಿ ಪ್ರಕಟವಾಗಿವೆ. ಸಮ್ಮೇಳನಾಧ್ಯಕ್ಷರಾಗಿ ಆಯ್ಕೆಯಾಗಿರುವುದು ತಾಲ್ಲೂಕಿನ ಸಾಹಿತ್ಯ ವಲಯಕ್ಕೆ ಹೆಮ್ಮೆಯ ವಿಷಯವಾಗಿದೆ.
PRINTED BY: T.S.KRISHNAMURTHY, ANJANADRI PRINTERS, 4th CROSS, VINAYAKANAGARA, TUMAKURU-572101. KARNATAKA, PUBLISHED BY: T.S.KRISHNAMURTHY, THOVINAKERE (POST), KORATAGERE TALUK, TUMAKURU DIST - 572138, KARNATAKA. OWNED BY: T.S.KRISHNAMURTHY, THOVINAKERE (POST), KORATAGERE TALUK, TUMAKURU DIST - 572138, KARNATAKA. PRNTED AT: ANJANADRI PRINTERS, 4th CROSS, VINAYAKA NAGARA, TUMAKURU-572101. KARNATAKA, PUBLISHED AT: TUMAKURU, THOVINAKERE (POST), KORATAGERE TALUK, TUMAKURU DIST - 572138. KARNATAKA.
EDITOR: T.S.KRISHNAMURTHY, THOVINAKERE (POST), KORATAGERE TALUK, TUMAKURU DIST.- 572138. KARNATAKA.
